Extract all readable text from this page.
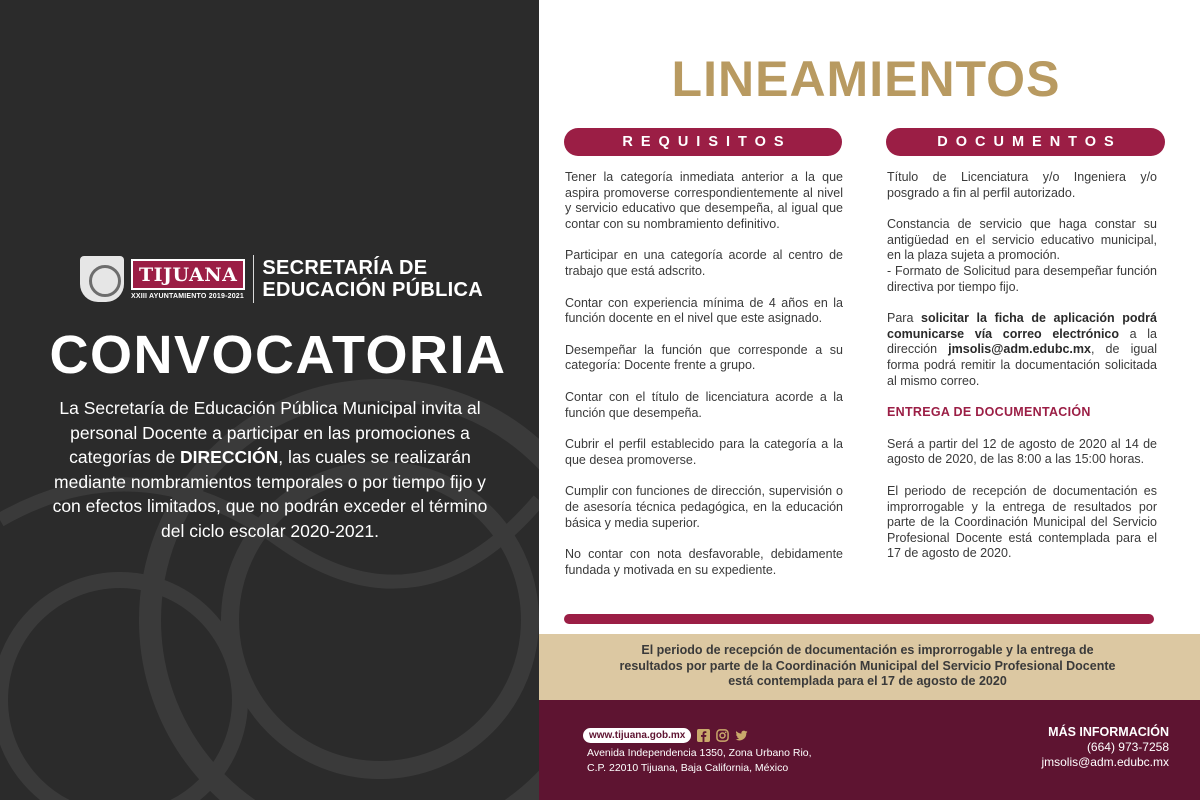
TIJUANA
XXIII AYUNTAMIENTO 2019-2021
SECRETARÍA DE
EDUCACIÓN PÚBLICA
CONVOCATORIA
La Secretaría de Educación Pública Municipal invita al personal Docente a participar en las promociones a categorías de DIRECCIÓN, las cuales se realizarán mediante nombramientos temporales o por tiempo fijo y con efectos limitados, que no podrán exceder el término del ciclo escolar 2020-2021.
LINEAMIENTOS
REQUISITOS	DOCUMENTOS

Tener la categoría inmediata anterior a la que aspira promoverse correspondientemente al nivel y servicio educativo que desempeña, al igual que contar con su nombramiento definitivo.

Participar en una categoría acorde al centro de trabajo que está adscrito.

Contar con experiencia mínima de 4 años en la función docente en el nivel que este asignado.

Desempeñar la función que corresponde a su categoría: Docente frente a grupo.

Contar con el título de licenciatura acorde a la función que desempeña.

Cubrir el perfil establecido para la categoría a la que desea promoverse.

Cumplir con funciones de dirección, supervisión o de asesoría técnica pedagógica, en la educación básica y media superior.

No contar con nota desfavorable, debidamente fundada y motivada en su expediente.

Título de Licenciatura y/o Ingeniera y/o posgrado a fin al perfil autorizado.

Constancia de servicio que haga constar su antigüedad en el servicio educativo municipal, en la plaza sujeta a promoción.
- Formato de Solicitud para desempeñar función directiva por tiempo fijo.

Para solicitar la ficha de aplicación podrá comunicarse vía correo electrónico a la dirección jmsolis@adm.edubc.mx, de igual forma podrá remitir la documentación solicitada al mismo correo.

ENTREGA DE DOCUMENTACIÓN

Será a partir del 12 de agosto de 2020 al 14 de agosto de 2020, de las 8:00 a las 15:00 horas.

El periodo de recepción de documentación es improrrogable y la entrega de resultados por parte de la Coordinación Municipal del Servicio Profesional Docente está contemplada para el 17 de agosto de 2020.

El periodo de recepción de documentación es improrrogable y la entrega de
resultados por parte de la Coordinación Municipal del Servicio Profesional Docente
está contemplada para el 17 de agosto de 2020
www.tijuana.gob.mx
Avenida Independencia 1350, Zona Urbano Rio,
C.P. 22010 Tijuana, Baja California, México
MÁS INFORMACIÓN
(664) 973-7258
jmsolis@adm.edubc.mx
